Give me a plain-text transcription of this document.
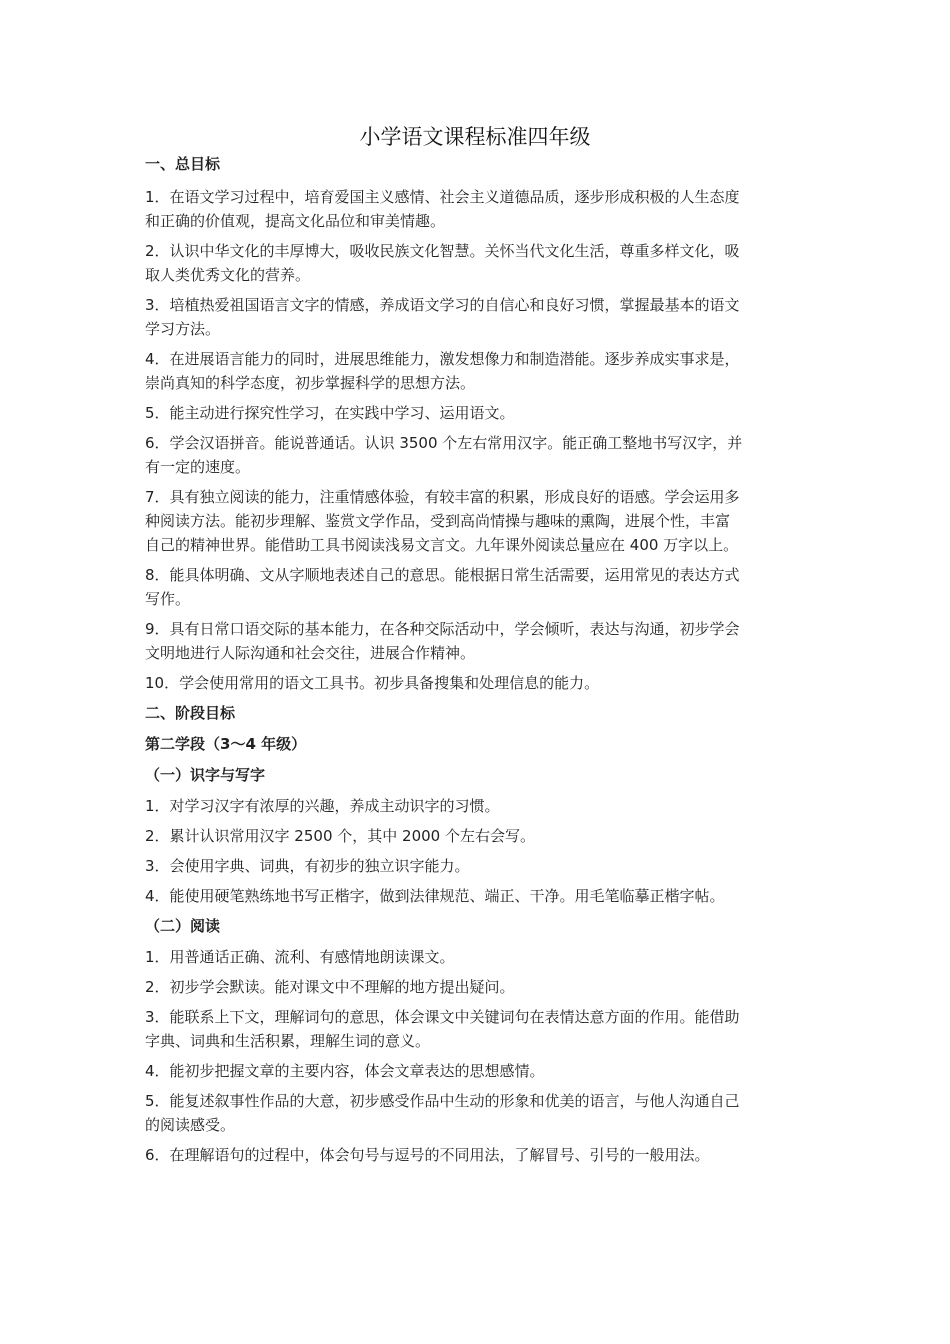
小学语文课程标准四年级
一、总目标
1．在语文学习过程中，培育爱国主义感情、社会主义道德品质，逐步形成积极的人生态度
和正确的价值观，提高文化品位和审美情趣。
2．认识中华文化的丰厚博大，吸收民族文化智慧。关怀当代文化生活，尊重多样文化，吸
取人类优秀文化的营养。
3．培植热爱祖国语言文字的情感，养成语文学习的自信心和良好习惯，掌握最基本的语文
学习方法。
4．在进展语言能力的同时，进展思维能力，激发想像力和制造潜能。逐步养成实事求是，
崇尚真知的科学态度，初步掌握科学的思想方法。
5．能主动进行探究性学习，在实践中学习、运用语文。
6．学会汉语拼音。能说普通话。认识 3500 个左右常用汉字。能正确工整地书写汉字，并
有一定的速度。
7．具有独立阅读的能力，注重情感体验，有较丰富的积累，形成良好的语感。学会运用多
种阅读方法。能初步理解、鉴赏文学作品，受到高尚情操与趣味的熏陶，进展个性，丰富
自己的精神世界。能借助工具书阅读浅易文言文。九年课外阅读总量应在 400 万字以上。
8．能具体明确、文从字顺地表述自己的意思。能根据日常生活需要，运用常见的表达方式
写作。
9．具有日常口语交际的基本能力，在各种交际活动中，学会倾听，表达与沟通，初步学会
文明地进行人际沟通和社会交往，进展合作精神。
10．学会使用常用的语文工具书。初步具备搜集和处理信息的能力。
二、阶段目标
第二学段（3～4 年级）
（一）识字与写字
1．对学习汉字有浓厚的兴趣，养成主动识字的习惯。
2．累计认识常用汉字 2500 个，其中 2000 个左右会写。
3．会使用字典、词典，有初步的独立识字能力。
4．能使用硬笔熟练地书写正楷字，做到法律规范、端正、干净。用毛笔临摹正楷字帖。
（二）阅读
1．用普通话正确、流利、有感情地朗读课文。
2．初步学会默读。能对课文中不理解的地方提出疑问。
3．能联系上下文，理解词句的意思，体会课文中关键词句在表情达意方面的作用。能借助
字典、词典和生活积累，理解生词的意义。
4．能初步把握文章的主要内容，体会文章表达的思想感情。
5．能复述叙事性作品的大意，初步感受作品中生动的形象和优美的语言，与他人沟通自己
的阅读感受。
6．在理解语句的过程中，体会句号与逗号的不同用法，了解冒号、引号的一般用法。
